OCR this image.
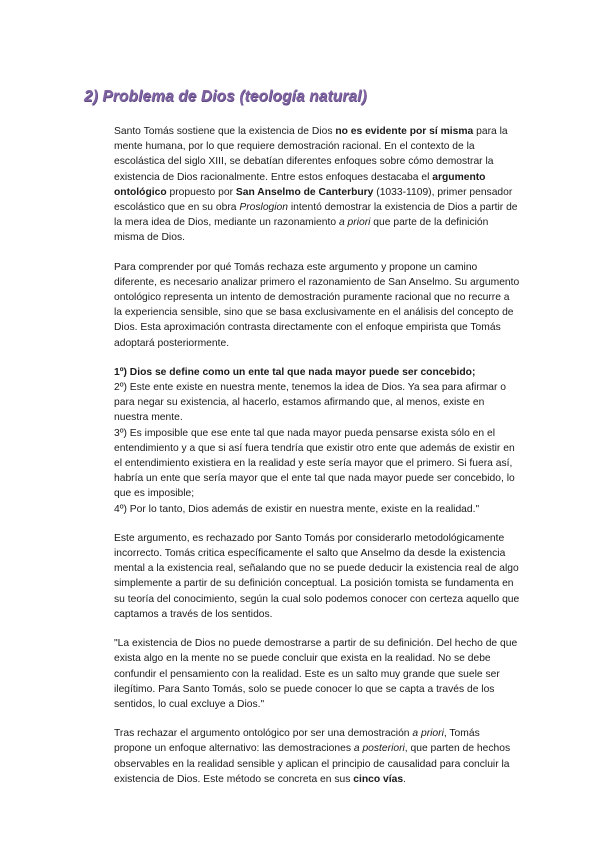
2) Problema de Dios (teología natural)

Santo Tomás sostiene que la existencia de Dios no es evidente por sí misma para la mente humana, por lo que requiere demostración racional. En el contexto de la escolástica del siglo XIII, se debatían diferentes enfoques sobre cómo demostrar la existencia de Dios racionalmente. Entre estos enfoques destacaba el argumento ontológico propuesto por San Anselmo de Canterbury (1033-1109), primer pensador escolástico que en su obra Proslogion intentó demostrar la existencia de Dios a partir de la mera idea de Dios, mediante un razonamiento a priori que parte de la definición misma de Dios.

Para comprender por qué Tomás rechaza este argumento y propone un camino diferente, es necesario analizar primero el razonamiento de San Anselmo. Su argumento ontológico representa un intento de demostración puramente racional que no recurre a la experiencia sensible, sino que se basa exclusivamente en el análisis del concepto de Dios. Esta aproximación contrasta directamente con el enfoque empirista que Tomás adoptará posteriormente.

1º) Dios se define como un ente tal que nada mayor puede ser concebido;
2º) Este ente existe en nuestra mente, tenemos la idea de Dios. Ya sea para afirmar o para negar su existencia, al hacerlo, estamos afirmando que, al menos, existe en nuestra mente.
3º) Es imposible que ese ente tal que nada mayor pueda pensarse exista sólo en el entendimiento y a que si así fuera tendría que existir otro ente que además de existir en el entendimiento existiera en la realidad y este sería mayor que el primero. Si fuera así, habría un ente que sería mayor que el ente tal que nada mayor puede ser concebido, lo que es imposible;
4º) Por lo tanto, Dios además de existir en nuestra mente, existe en la realidad."

Este argumento, es rechazado por Santo Tomás por considerarlo metodológicamente incorrecto. Tomás critica específicamente el salto que Anselmo da desde la existencia mental a la existencia real, señalando que no se puede deducir la existencia real de algo simplemente a partir de su definición conceptual. La posición tomista se fundamenta en su teoría del conocimiento, según la cual solo podemos conocer con certeza aquello que captamos a través de los sentidos.

"La existencia de Dios no puede demostrarse a partir de su definición. Del hecho de que exista algo en la mente no se puede concluir que exista en la realidad. No se debe confundir el pensamiento con la realidad. Este es un salto muy grande que suele ser ilegítimo. Para Santo Tomás, solo se puede conocer lo que se capta a través de los sentidos, lo cual excluye a Dios."

Tras rechazar el argumento ontológico por ser una demostración a priori, Tomás propone un enfoque alternativo: las demostraciones a posteriori, que parten de hechos observables en la realidad sensible y aplican el principio de causalidad para concluir la existencia de Dios. Este método se concreta en sus cinco vías.
